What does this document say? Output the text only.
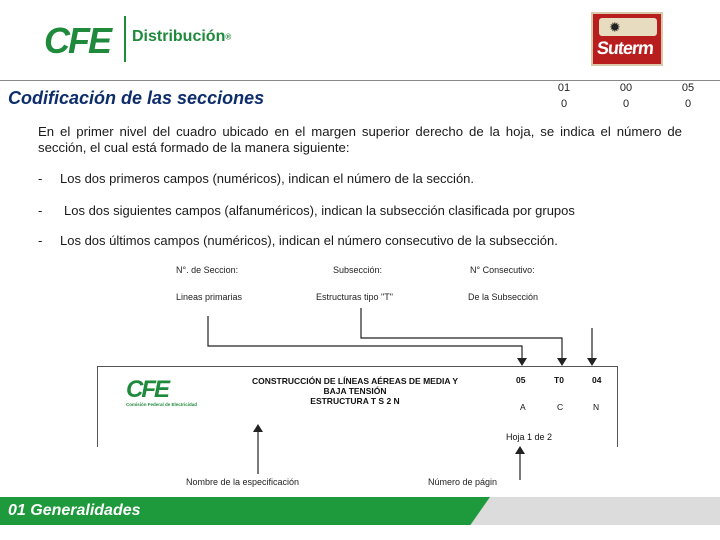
CFE Distribución®
✹
Suterm
Codificación de las secciones	01	00	05
0	0	0
En el primer nivel del cuadro ubicado en el margen superior derecho de la hoja, se indica el número de sección, el cual está formado de la manera siguiente:
- Los dos primeros campos (numéricos), indican el número de la sección.
- Los dos siguientes campos (alfanuméricos), indican la subsección clasificada por grupos
- Los dos últimos campos (numéricos), indican el número consecutivo de la subsección.
N°. de Seccion:	Subsección:	N° Consecutivo:
Lineas primarias	Estructuras tipo "T"	De la Subsección
CFE
Comisión Federal de Electricidad
CONSTRUCCIÓN DE LÍNEAS AÉREAS DE MEDIA Y
BAJA TENSIÓN
ESTRUCTURA T S 2 N
05	T0	04
A	C	N
Hoja 1 de 2
Nombre de la especificación	Número de págin
01 Generalidades
